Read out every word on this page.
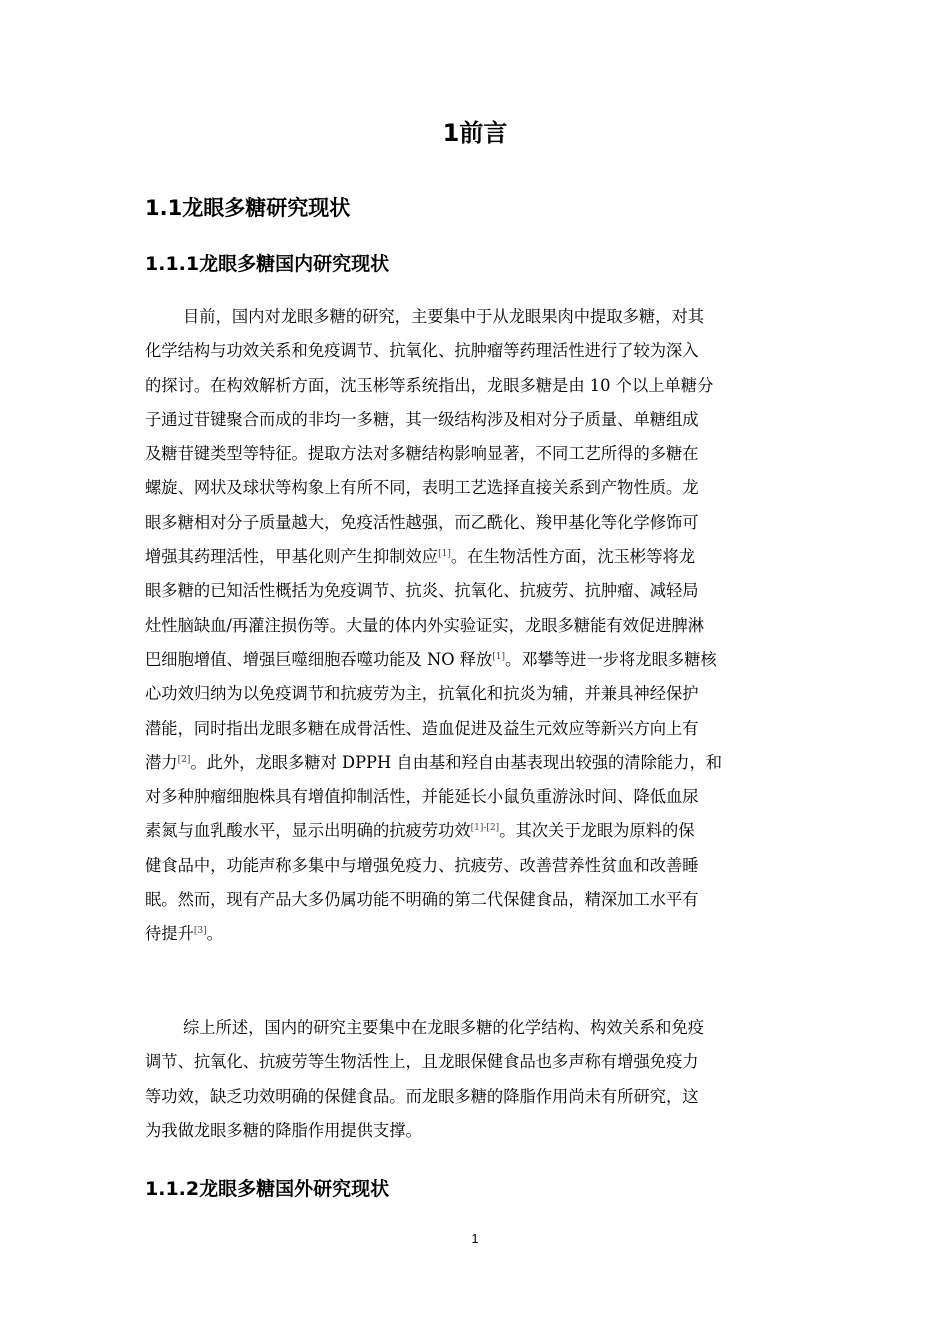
1前言
1.1龙眼多糖研究现状
1.1.1龙眼多糖国内研究现状
目前，国内对龙眼多糖的研究，主要集中于从龙眼果肉中提取多糖，对其
化学结构与功效关系和免疫调节、抗氧化、抗肿瘤等药理活性进行了较为深入
的探讨。在构效解析方面，沈玉彬等系统指出，龙眼多糖是由 10 个以上单糖分
子通过苷键聚合而成的非均一多糖，其一级结构涉及相对分子质量、单糖组成
及糖苷键类型等特征。提取方法对多糖结构影响显著，不同工艺所得的多糖在
螺旋、网状及球状等构象上有所不同，表明工艺选择直接关系到产物性质。龙
眼多糖相对分子质量越大，免疫活性越强，而乙酰化、羧甲基化等化学修饰可
增强其药理活性，甲基化则产生抑制效应[1]。在生物活性方面，沈玉彬等将龙
眼多糖的已知活性概括为免疫调节、抗炎、抗氧化、抗疲劳、抗肿瘤、减轻局
灶性脑缺血/再灌注损伤等。大量的体内外实验证实，龙眼多糖能有效促进脾淋
巴细胞增值、增强巨噬细胞吞噬功能及 NO 释放[1]。邓攀等进一步将龙眼多糖核
心功效归纳为以免疫调节和抗疲劳为主，抗氧化和抗炎为辅，并兼具神经保护
潜能，同时指出龙眼多糖在成骨活性、造血促进及益生元效应等新兴方向上有
潜力[2]。此外，龙眼多糖对 DPPH 自由基和羟自由基表现出较强的清除能力，和
对多种肿瘤细胞株具有增值抑制活性，并能延长小鼠负重游泳时间、降低血尿
素氮与血乳酸水平，显示出明确的抗疲劳功效[1]-[2]。其次关于龙眼为原料的保
健食品中，功能声称多集中与增强免疫力、抗疲劳、改善营养性贫血和改善睡
眠。然而，现有产品大多仍属功能不明确的第二代保健食品，精深加工水平有
待提升[3]。
综上所述，国内的研究主要集中在龙眼多糖的化学结构、构效关系和免疫
调节、抗氧化、抗疲劳等生物活性上，且龙眼保健食品也多声称有增强免疫力
等功效，缺乏功效明确的保健食品。而龙眼多糖的降脂作用尚未有所研究，这
为我做龙眼多糖的降脂作用提供支撑。
1.1.2龙眼多糖国外研究现状
1
